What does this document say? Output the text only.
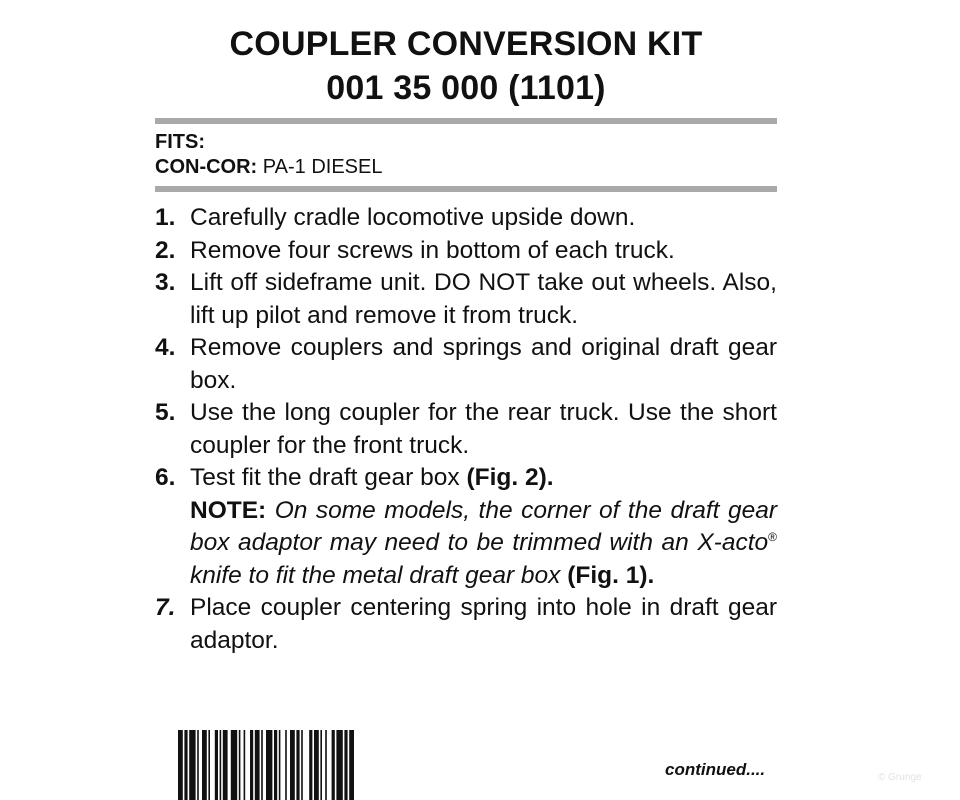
COUPLER CONVERSION KIT
001 35 000 (1101)
FITS:
CON-COR: PA-1 DIESEL
1. Carefully cradle locomotive upside down.
2. Remove four screws in bottom of each truck.
3. Lift off sideframe unit. DO NOT take out wheels. Also, lift up pilot and remove it from truck.
4. Remove couplers and springs and original draft gear box.
5. Use the long coupler for the rear truck. Use the short coupler for the front truck.
6. Test fit the draft gear box (Fig. 2).
NOTE: On some models, the corner of the draft gear box adaptor may need to be trimmed with an X-acto® knife to fit the metal draft gear box (Fig. 1).
7. Place coupler centering spring into hole in draft gear adaptor.
continued....	© Grunge
